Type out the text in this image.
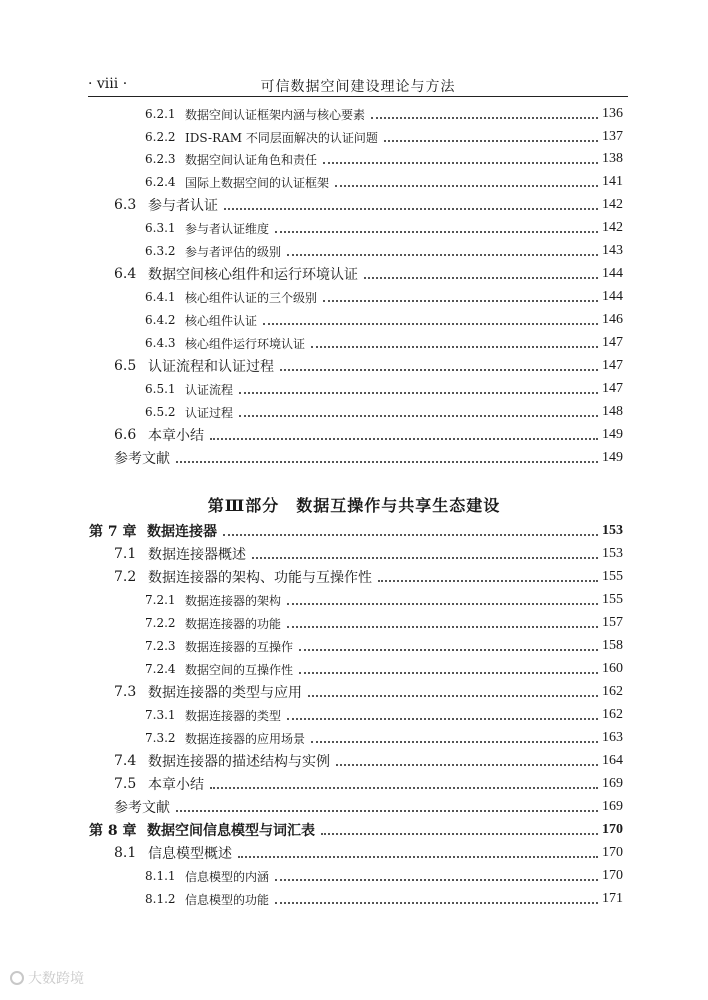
· viii ·	可信数据空间建设理论与方法
第Ⅲ部分　数据互操作与共享生态建设
6.2.1 数据空间认证框架内涵与核心要素	136
6.2.2 IDS-RAM 不同层面解决的认证问题	137
6.2.3 数据空间认证角色和责任	138
6.2.4 国际上数据空间的认证框架	141
6.3 参与者认证	142
6.3.1 参与者认证维度	142
6.3.2 参与者评估的级别	143
6.4 数据空间核心组件和运行环境认证	144
6.4.1 核心组件认证的三个级别	144
6.4.2 核心组件认证	146
6.4.3 核心组件运行环境认证	147
6.5 认证流程和认证过程	147
6.5.1 认证流程	147
6.5.2 认证过程	148
6.6 本章小结	149
参考文献	149
第 7 章 数据连接器	153
7.1 数据连接器概述	153
7.2 数据连接器的架构、功能与互操作性	155
7.2.1 数据连接器的架构	155
7.2.2 数据连接器的功能	157
7.2.3 数据连接器的互操作	158
7.2.4 数据空间的互操作性	160
7.3 数据连接器的类型与应用	162
7.3.1 数据连接器的类型	162
7.3.2 数据连接器的应用场景	163
7.4 数据连接器的描述结构与实例	164
7.5 本章小结	169
参考文献	169
第 8 章 数据空间信息模型与词汇表	170
8.1 信息模型概述	170
8.1.1 信息模型的内涵	170
8.1.2 信息模型的功能	171
大数跨境
